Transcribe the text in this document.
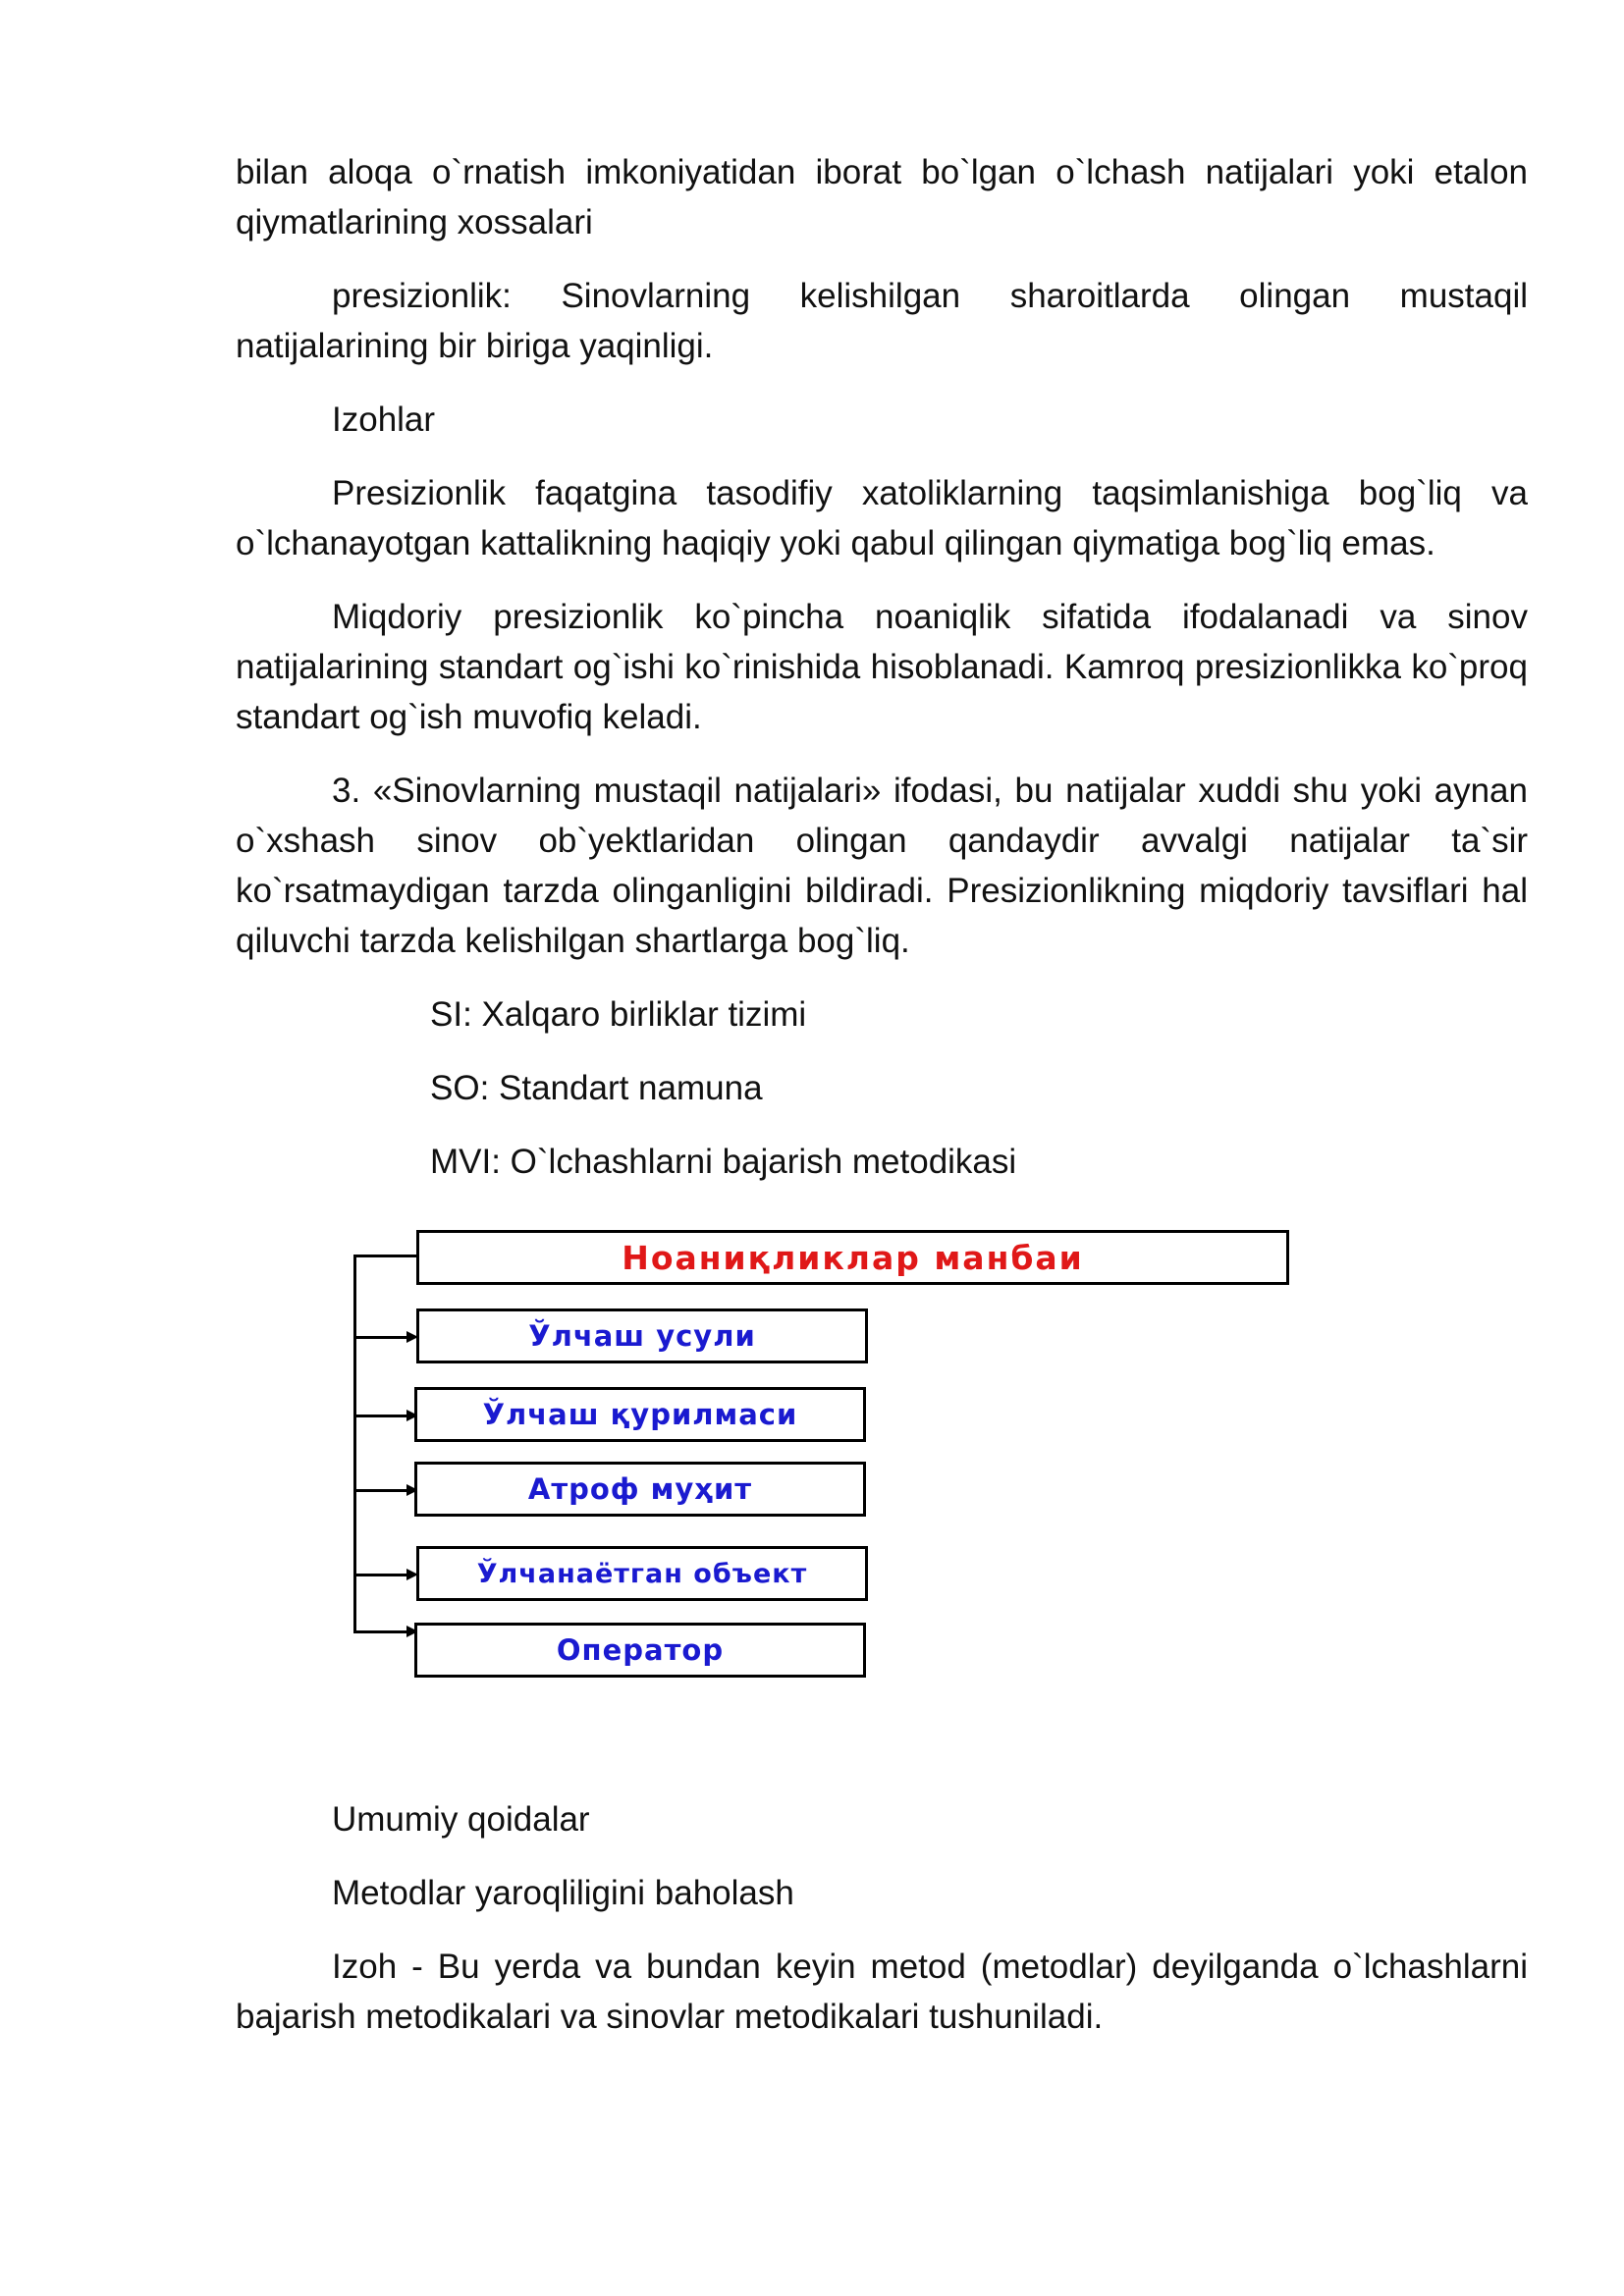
bilan aloqa o`rnatish imkoniyatidan iborat bo`lgan o`lchash natijalari yoki etalon qiymatlarining xossalari

presizionlik: Sinovlarning kelishilgan sharoitlarda olingan mustaqil natijalarining bir biriga yaqinligi.

Izohlar

Presizionlik faqatgina tasodifiy xatoliklarning taqsimlanishiga bog`liq va o`lchanayotgan kattalikning haqiqiy yoki qabul qilingan qiymatiga bog`liq emas.

Miqdoriy presizionlik ko`pincha noaniqlik sifatida ifodalanadi va sinov natijalarining standart og`ishi ko`rinishida hisoblanadi. Kamroq presizionlikka ko`proq standart og`ish muvofiq keladi.

3. «Sinovlarning mustaqil natijalari» ifodasi, bu natijalar xuddi shu yoki aynan o`xshash sinov ob`yektlaridan olingan qandaydir avvalgi natijalar ta`sir ko`rsatmaydigan tarzda olinganligini bildiradi. Presizionlikning miqdoriy tavsiflari hal qiluvchi tarzda kelishilgan shartlarga bog`liq.

SI: Xalqaro birliklar tizimi

SO: Standart namuna

MVI: O`lchashlarni bajarish metodikasi

Ноаниқликлар манбаи
Ўлчаш усули
Ўлчаш қурилмаси
Атроф муҳит
Ўлчанаётган объект
Оператор

Umumiy qoidalar

Metodlar yaroqliligini baholash

Izoh - Bu yerda va bundan keyin metod (metodlar) deyilganda o`lchashlarni bajarish metodikalari va sinovlar metodikalari tushuniladi.
